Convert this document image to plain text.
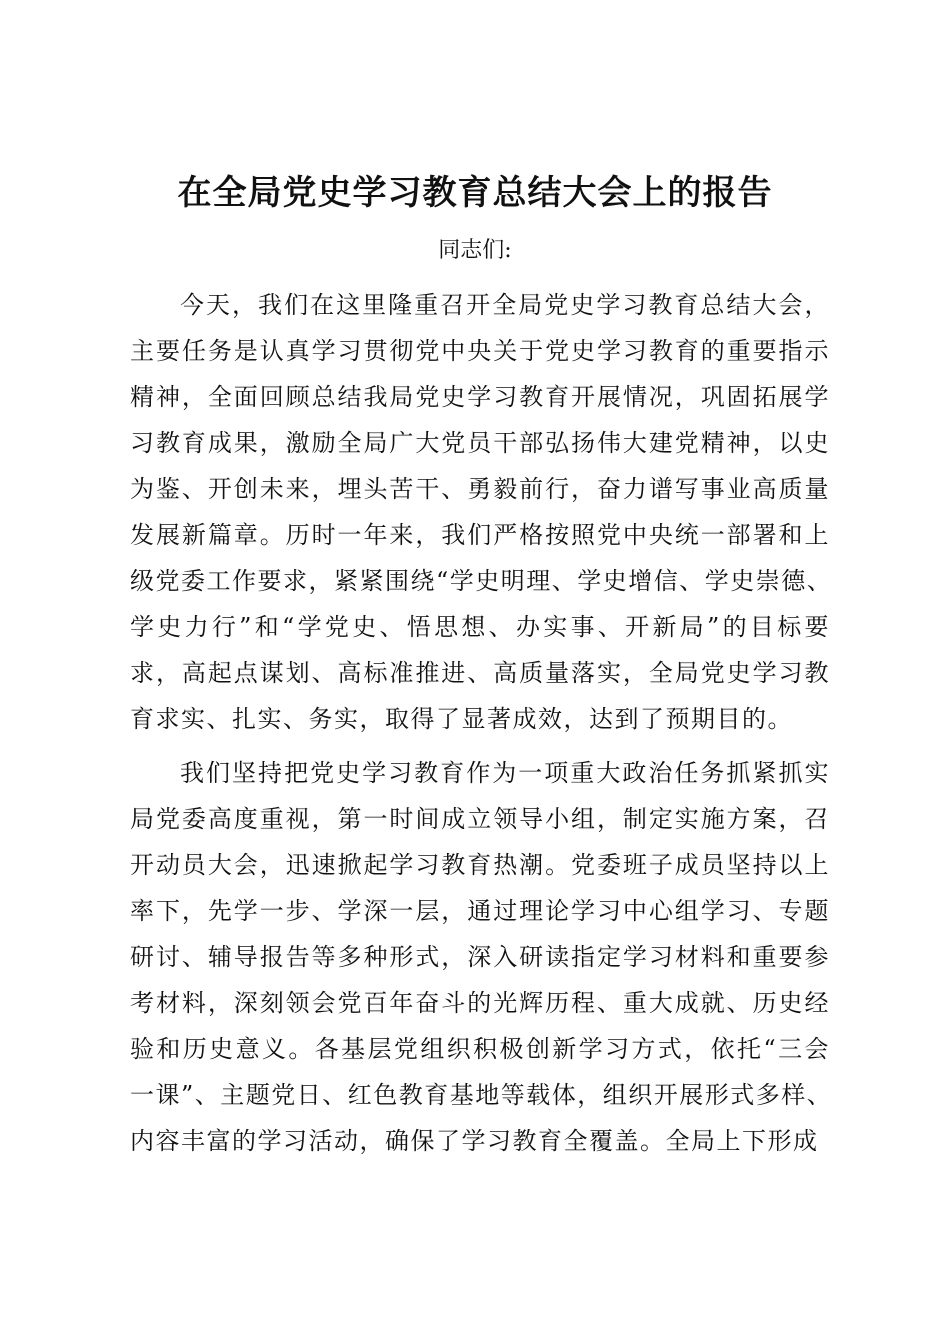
在全局党史学习教育总结大会上的报告

同志们:

今天，我们在这里隆重召开全局党史学习教育总结大会，
主要任务是认真学习贯彻党中央关于党史学习教育的重要指示
精神，全面回顾总结我局党史学习教育开展情况，巩固拓展学
习教育成果，激励全局广大党员干部弘扬伟大建党精神，以史
为鉴、开创未来，埋头苦干、勇毅前行，奋力谱写事业高质量
发展新篇章。历时一年来，我们严格按照党中央统一部署和上
级党委工作要求，紧紧围绕“学史明理、学史增信、学史崇德、
学史力行”和“学党史、悟思想、办实事、开新局”的目标要
求，高起点谋划、高标准推进、高质量落实，全局党史学习教
育求实、扎实、务实，取得了显著成效，达到了预期目的。

我们坚持把党史学习教育作为一项重大政治任务抓紧抓实
局党委高度重视，第一时间成立领导小组，制定实施方案，召
开动员大会，迅速掀起学习教育热潮。党委班子成员坚持以上
率下，先学一步、学深一层，通过理论学习中心组学习、专题
研讨、辅导报告等多种形式，深入研读指定学习材料和重要参
考材料，深刻领会党百年奋斗的光辉历程、重大成就、历史经
验和历史意义。各基层党组织积极创新学习方式，依托“三会
一课”、主题党日、红色教育基地等载体，组织开展形式多样、
内容丰富的学习活动，确保了学习教育全覆盖。全局上下形成
